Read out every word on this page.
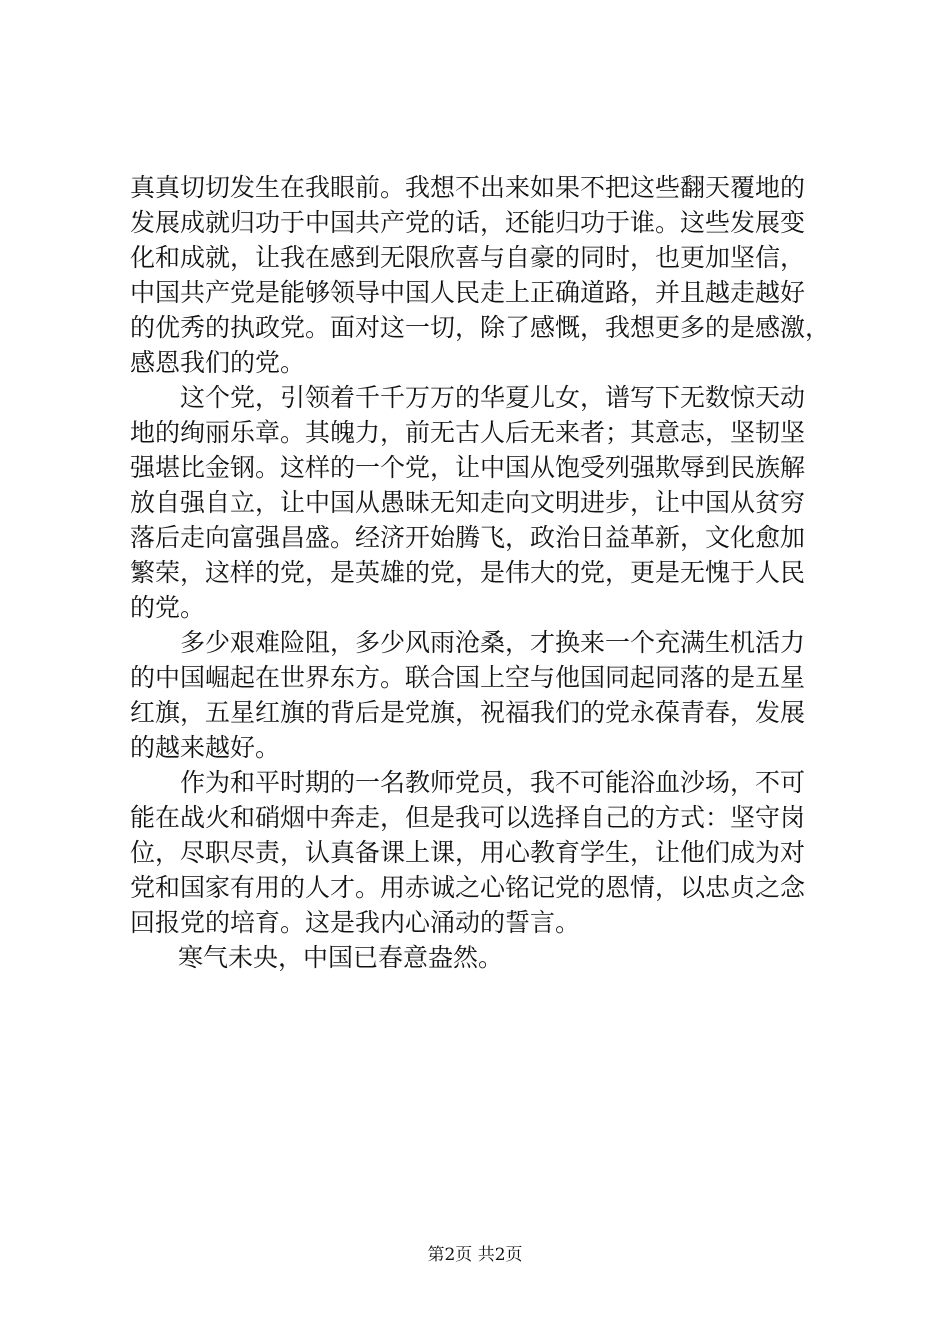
真真切切发生在我眼前。我想不出来如果不把这些翻天覆地的
发展成就归功于中国共产党的话，还能归功于谁。这些发展变
化和成就，让我在感到无限欣喜与自豪的同时，也更加坚信，
中国共产党是能够领导中国人民走上正确道路，并且越走越好
的优秀的执政党。面对这一切，除了感慨，我想更多的是感激，
感恩我们的党。
这个党，引领着千千万万的华夏儿女，谱写下无数惊天动
地的绚丽乐章。其魄力，前无古人后无来者；其意志，坚韧坚
强堪比金钢。这样的一个党，让中国从饱受列强欺辱到民族解
放自强自立，让中国从愚昧无知走向文明进步，让中国从贫穷
落后走向富强昌盛。经济开始腾飞，政治日益革新，文化愈加
繁荣，这样的党，是英雄的党，是伟大的党，更是无愧于人民
的党。
多少艰难险阻，多少风雨沧桑，才换来一个充满生机活力
的中国崛起在世界东方。联合国上空与他国同起同落的是五星
红旗，五星红旗的背后是党旗，祝福我们的党永葆青春，发展
的越来越好。
作为和平时期的一名教师党员，我不可能浴血沙场，不可
能在战火和硝烟中奔走，但是我可以选择自己的方式：坚守岗
位，尽职尽责，认真备课上课，用心教育学生，让他们成为对
党和国家有用的人才。用赤诚之心铭记党的恩情，以忠贞之念
回报党的培育。这是我内心涌动的誓言。
寒气未央，中国已春意盎然。
第2页 共2页
